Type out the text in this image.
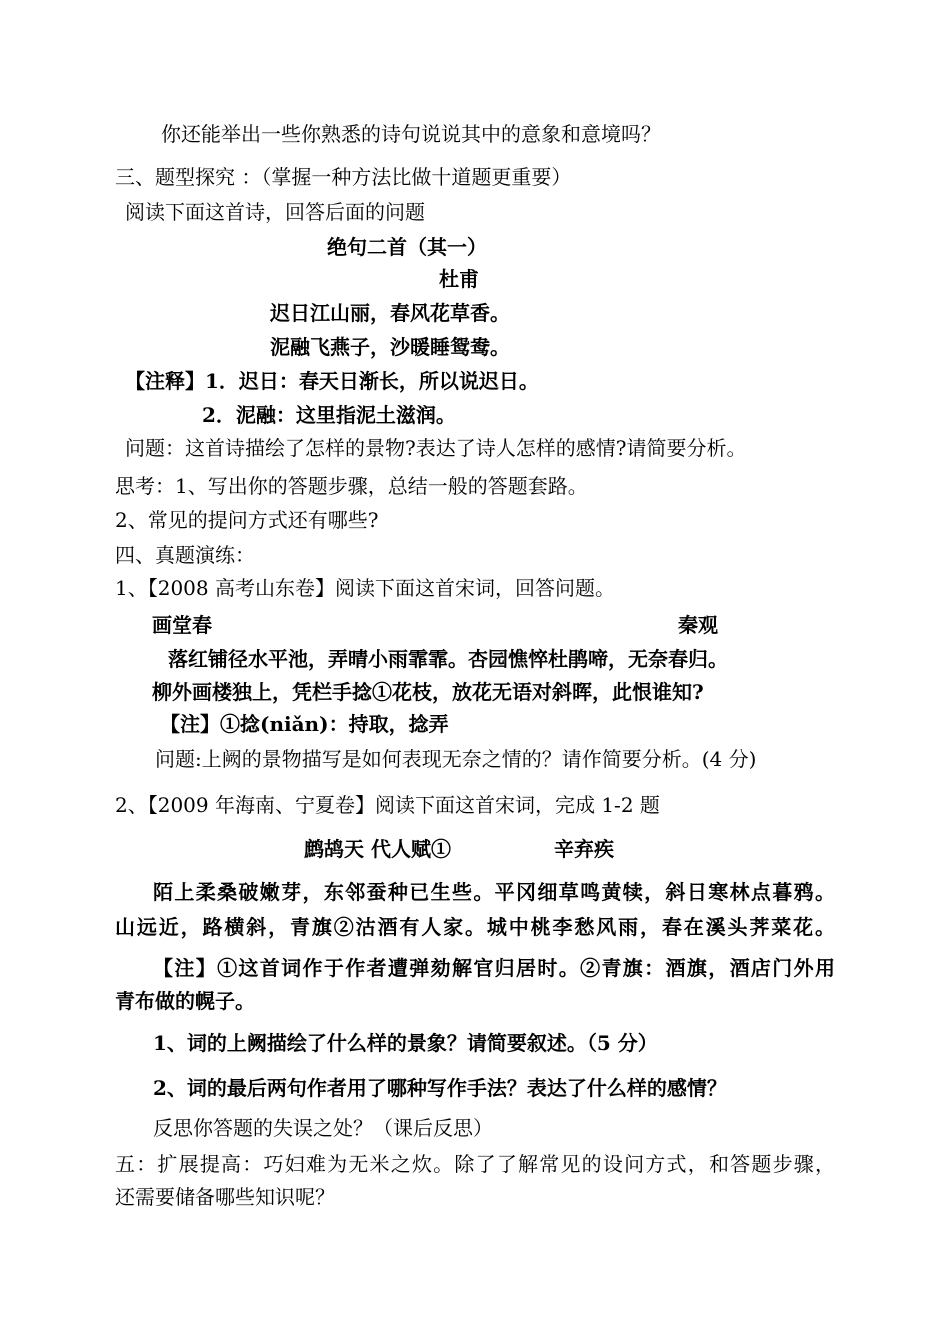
你还能举出一些你熟悉的诗句说说其中的意象和意境吗？
三、题型探究 ：（掌握一种方法比做十道题更重要）
阅读下面这首诗，回答后面的问题
绝句二首（其一）
杜甫
迟日江山丽，春风花草香。
泥融飞燕子，沙暖睡鸳鸯。
【注释】1．迟日：春天日渐长，所以说迟日。
2．泥融：这里指泥土滋润。
问题：这首诗描绘了怎样的景物?表达了诗人怎样的感情?请简要分析。
思考：1、写出你的答题步骤，总结一般的答题套路。
2、常见的提问方式还有哪些?
四、真题演练：
1、【2008 高考山东卷】阅读下面这首宋词，回答问题。
画堂春	秦观
落红铺径水平池，弄晴小雨霏霏。杏园憔悴杜鹃啼，无奈春归。
柳外画楼独上，凭栏手捻①花枝，放花无语对斜晖，此恨谁知?
【注】①捻(niǎn)：持取，捻弄
问题:上阙的景物描写是如何表现无奈之情的？请作简要分析。(4 分)
2、【2009 年海南、宁夏卷】阅读下面这首宋词，完成 1-2 题
鹧鸪天 代人赋①	辛弃疾
陌上柔桑破嫩芽，东邻蚕种已生些。平冈细草鸣黄犊，斜日寒林点暮鸦。
山远近，路横斜，青旗②沽酒有人家。城中桃李愁风雨，春在溪头荠菜花。
【注】①这首词作于作者遭弹劾解官归居时。②青旗：酒旗，酒店门外用
青布做的幌子。
1、词的上阙描绘了什么样的景象？请简要叙述。（5 分）
2、词的最后两句作者用了哪种写作手法？表达了什么样的感情？
反思你答题的失误之处？（课后反思）
五：扩展提高：巧妇难为无米之炊。除了了解常见的设问方式，和答题步骤，
还需要储备哪些知识呢？
